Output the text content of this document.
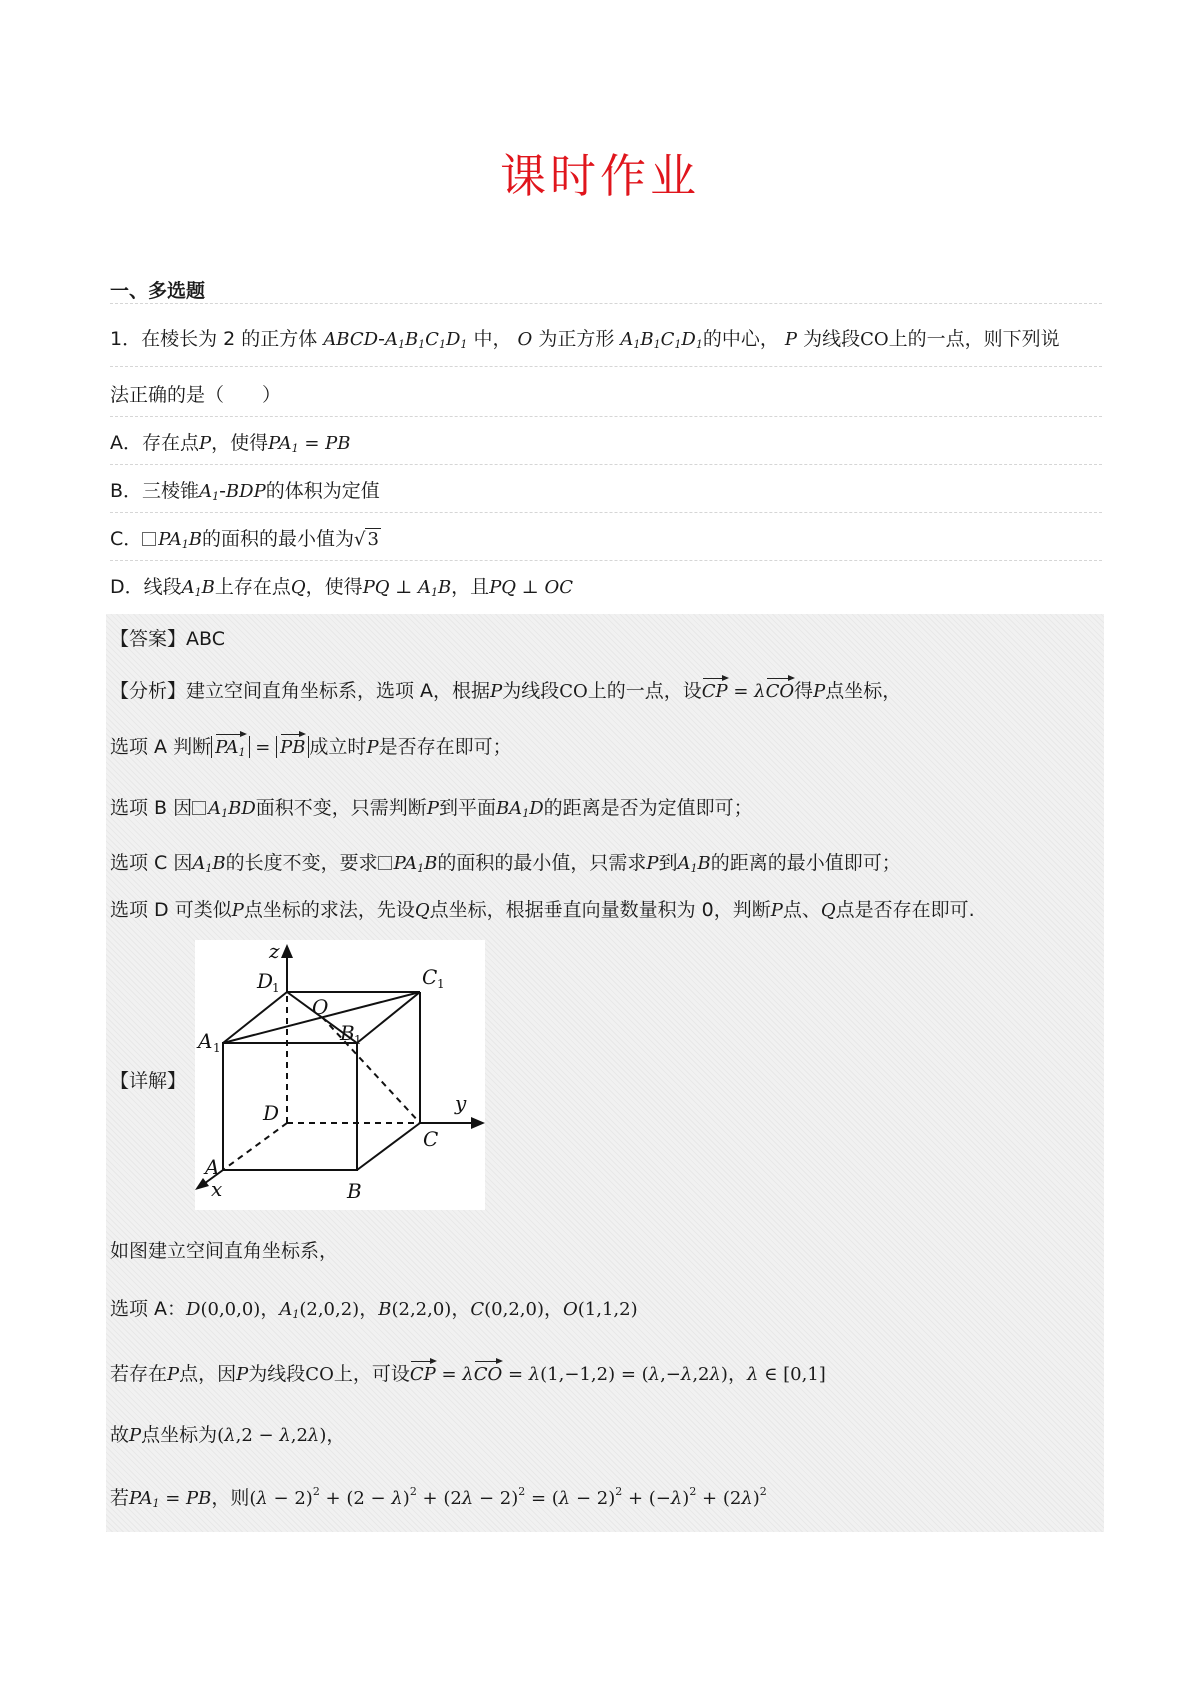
课时作业
一、多选题
1．在棱长为 2 的正方体 ABCD-$A_1B_1C_1D_1$ 中， O 为正方形 $A_1B_1C_1D_1$的中心， P 为线段CO上的一点，则下列说
法正确的是（　　）
A．存在点P，使得$PA_1$ = PB
B．三棱锥$A_1$-BDP的体积为定值
C． $PA_1B$的面积的最小值为√ 3
D．线段$A_1B$上存在点Q，使得PQ ⊥ $A_1B$，且PQ ⊥ OC
【答案】ABC
【分析】建立空间直角坐标系，选项 A，根据P为线段CO上的一点，设CP = λCO得P点坐标，
选项 A 判断 $PA_1$ = PB 成立时P是否存在即可；
选项 B 因 $A_1BD$面积不变，只需判断P到平面$BA_1D$的距离是否为定值即可；
选项 C 因$A_1B$的长度不变，要求 $PA_1B$的面积的最小值，只需求P到$A_1B$的距离的最小值即可；
选项 D 可类似P点坐标的求法，先设Q点坐标，根据垂直向量数量积为 0，判断P点、Q点是否存在即可.
【详解】
z
y
x
D
1	C 1
O
B 1
A 1
D
C
A
B
如图建立空间直角坐标系，
选项 A：D(0,0,0)，$A_1(2,0,2)$，B(2,2,0)，C(0,2,0)，O(1,1,2)
若存在P点，因P为线段CO上，可设CP = λCO = λ(1,−1,2) = (λ,−λ,2λ)，λ ∈ [0,1]
故P点坐标为(λ,2 − λ,2λ)，
若$PA_1$ = PB，则$(\lambda - 2)^2 + (2 - \lambda)^2 + (2\lambda - 2)^2 = (\lambda - 2)^2 + (-\lambda)^2 + (2\lambda)^2$
